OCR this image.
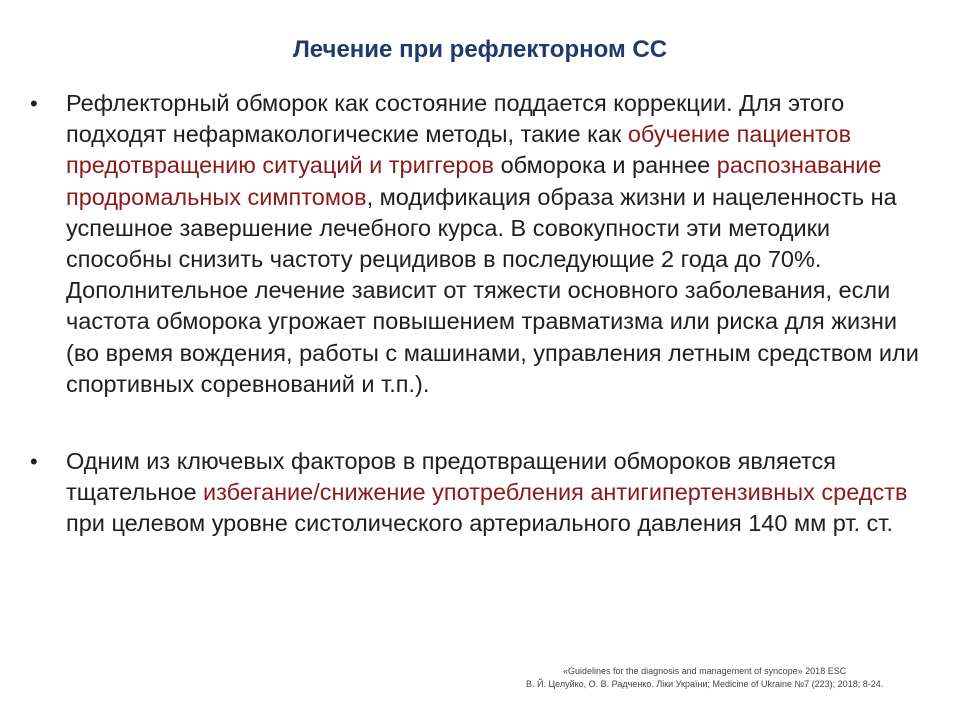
Лечение при рефлекторном СС
• Рефлекторный обморок как состояние поддается коррекции. Для этого подходят нефармакологические методы, такие как обучение пациентов предотвращению ситуаций и триггеров обморока и раннее распознавание продромальных симптомов, модификация образа жизни и нацеленность на успешное завершение лечебного курса. В совокупности эти методики способны снизить частоту рецидивов в последующие 2 года до 70%. Дополнительное лечение зависит от тяжести основного заболевания, если частота обморока угрожает повышением травматизма или риска для жизни (во время вождения, работы с машинами, управления летным средством или спортивных соревнований и т.п.).
• Одним из ключевых факторов в предотвращении обмороков является тщательное избегание/снижение употребления антигипертензивных средств при целевом уровне систолического артериального давления 140 мм рт. ст.
«Guidelines for the diagnosis and management of syncope» 2018 ESC
В. Й. Целуйко, О. В. Радченко. Ліки України; Medicine of Ukraine №7 (223); 2018; 8-24.
